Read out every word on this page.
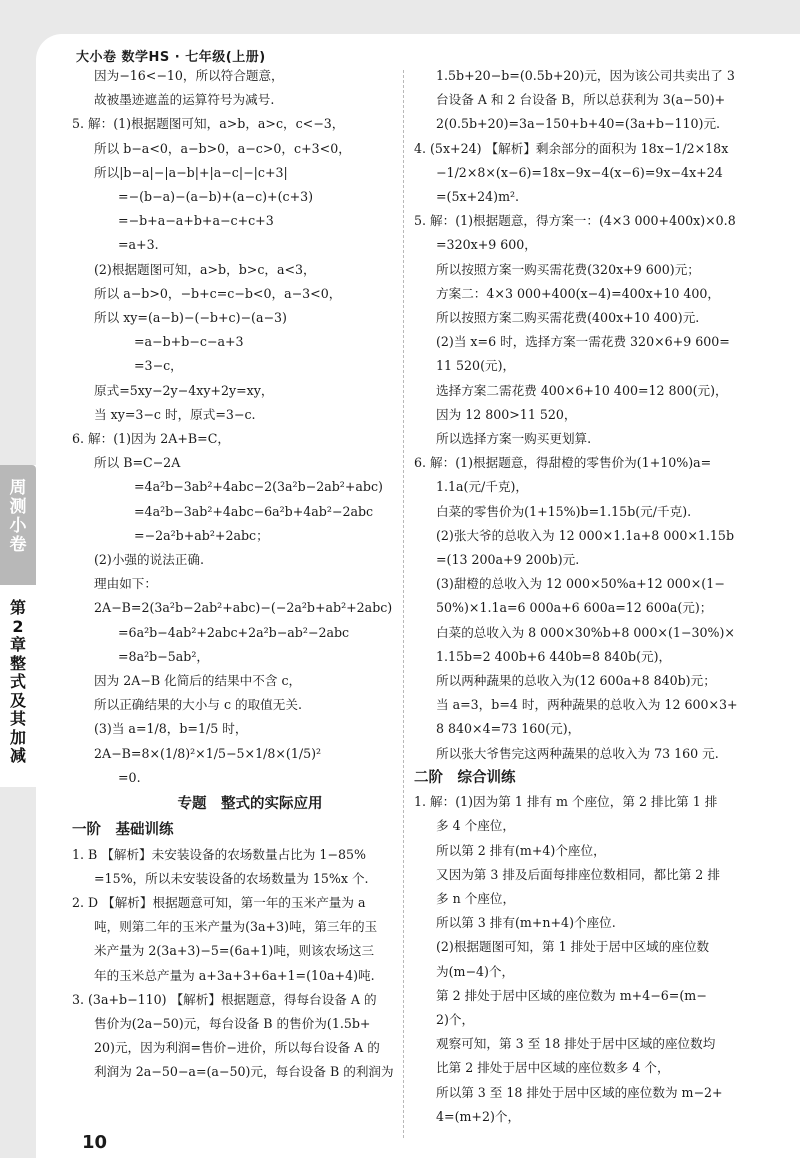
大小卷 数学HS · 七年级(上册)
因为−16<−10，所以符合题意，
故被墨迹遮盖的运算符号为减号.
5. 解：(1)根据题图可知，a>b，a>c，c<−3，
所以 b−a<0，a−b>0，a−c>0，c+3<0，
所以|b−a|−|a−b|+|a−c|−|c+3|
=−(b−a)−(a−b)+(a−c)+(c+3)
=−b+a−a+b+a−c+c+3
=a+3.
(2)根据题图可知，a>b，b>c，a<3，
所以 a−b>0，−b+c=c−b<0，a−3<0，
所以 xy=(a−b)−(−b+c)−(a−3)
=a−b+b−c−a+3
=3−c，
原式=5xy−2y−4xy+2y=xy，
当 xy=3−c 时，原式=3−c.
6. 解：(1)因为 2A+B=C，
所以 B=C−2A
=4a²b−3ab²+4abc−2(3a²b−2ab²+abc)
=4a²b−3ab²+4abc−6a²b+4ab²−2abc
=−2a²b+ab²+2abc；
(2)小强的说法正确.
理由如下：
2A−B=2(3a²b−2ab²+abc)−(−2a²b+ab²+2abc)
=6a²b−4ab²+2abc+2a²b−ab²−2abc
=8a²b−5ab²，
因为 2A−B 化简后的结果中不含 c，
所以正确结果的大小与 c 的取值无关.
(3)当 a=1/8，b=1/5 时，
2A−B=8×(1/8)²×1/5−5×1/8×(1/5)²
=0.
专题　整式的实际应用
一阶　基础训练
1. B 【解析】未安装设备的农场数量占比为 1−85%
=15%，所以未安装设备的农场数量为 15%x 个.
2. D 【解析】根据题意可知，第一年的玉米产量为 a
吨，则第二年的玉米产量为(3a+3)吨，第三年的玉
米产量为 2(3a+3)−5=(6a+1)吨，则该农场这三
年的玉米总产量为 a+3a+3+6a+1=(10a+4)吨.
3. (3a+b−110) 【解析】根据题意，得每台设备 A 的
售价为(2a−50)元，每台设备 B 的售价为(1.5b+
20)元，因为利润=售价−进价，所以每台设备 A 的
利润为 2a−50−a=(a−50)元，每台设备 B 的利润为
1.5b+20−b=(0.5b+20)元，因为该公司共卖出了 3
台设备 A 和 2 台设备 B，所以总获利为 3(a−50)+
2(0.5b+20)=3a−150+b+40=(3a+b−110)元.
4. (5x+24) 【解析】剩余部分的面积为 18x−1/2×18x
−1/2×8×(x−6)=18x−9x−4(x−6)=9x−4x+24
=(5x+24)m².
5. 解：(1)根据题意，得方案一：(4×3 000+400x)×0.8
=320x+9 600，
所以按照方案一购买需花费(320x+9 600)元；
方案二：4×3 000+400(x−4)=400x+10 400，
所以按照方案二购买需花费(400x+10 400)元.
(2)当 x=6 时，选择方案一需花费 320×6+9 600=
11 520(元)，
选择方案二需花费 400×6+10 400=12 800(元)，
因为 12 800>11 520，
所以选择方案一购买更划算.
6. 解：(1)根据题意，得甜橙的零售价为(1+10%)a=
1.1a(元/千克)，
白菜的零售价为(1+15%)b=1.15b(元/千克).
(2)张大爷的总收入为 12 000×1.1a+8 000×1.15b
=(13 200a+9 200b)元.
(3)甜橙的总收入为 12 000×50%a+12 000×(1−
50%)×1.1a=6 000a+6 600a=12 600a(元)；
白菜的总收入为 8 000×30%b+8 000×(1−30%)×
1.15b=2 400b+6 440b=8 840b(元)，
所以两种蔬果的总收入为(12 600a+8 840b)元；
当 a=3，b=4 时，两种蔬果的总收入为 12 600×3+
8 840×4=73 160(元)，
所以张大爷售完这两种蔬果的总收入为 73 160 元.
二阶　综合训练
1. 解：(1)因为第 1 排有 m 个座位，第 2 排比第 1 排
多 4 个座位，
所以第 2 排有(m+4)个座位，
又因为第 3 排及后面每排座位数相同，都比第 2 排
多 n 个座位，
所以第 3 排有(m+n+4)个座位.
(2)根据题图可知，第 1 排处于居中区域的座位数
为(m−4)个，
第 2 排处于居中区域的座位数为 m+4−6=(m−
2)个，
观察可知，第 3 至 18 排处于居中区域的座位数均
比第 2 排处于居中区域的座位数多 4 个，
所以第 3 至 18 排处于居中区域的座位数为 m−2+
4=(m+2)个，
10
周测小卷
第2章 整式及其加减
